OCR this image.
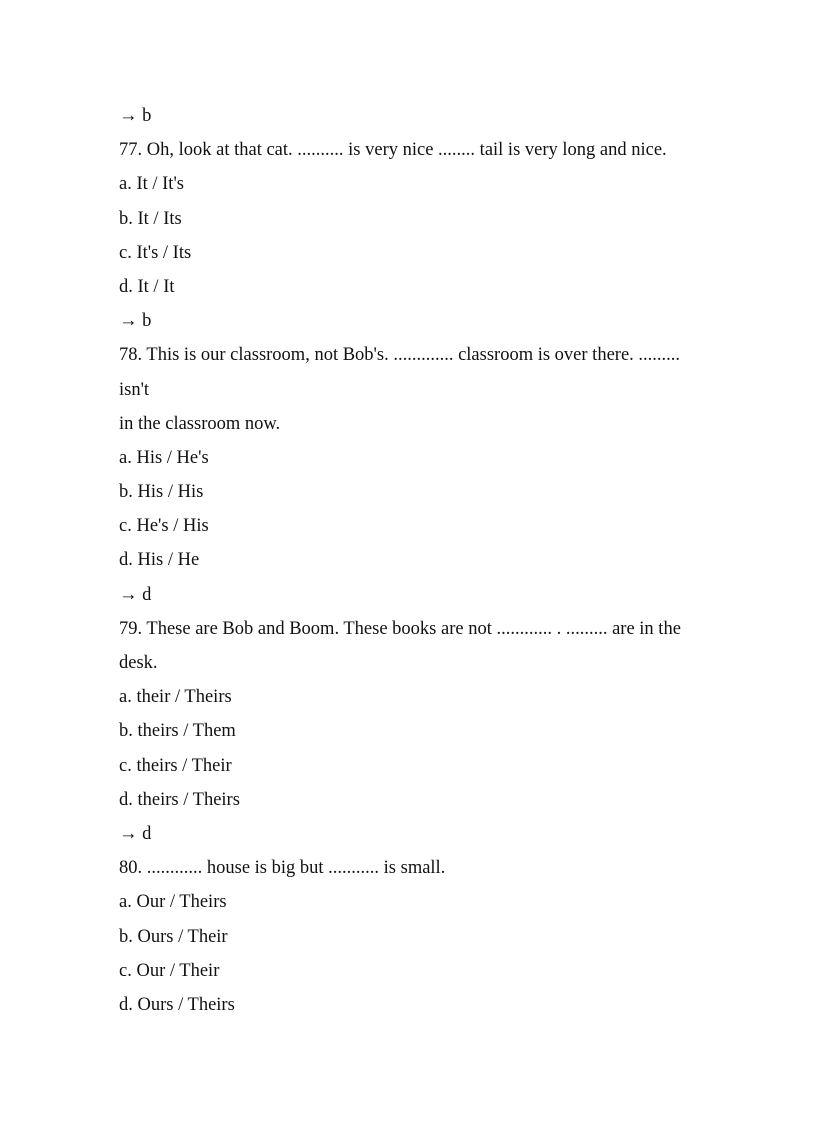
→ b
77. Oh, look at that cat. .......... is very nice ........ tail is very long and nice.
a. It / It's
b. It / Its
c. It's / Its
d. It / It
→ b
78. This is our classroom, not Bob's. ............. classroom is over there. .........
isn't
in the classroom now.
a. His / He's
b. His / His
c. He's / His
d. His / He
→ d
79. These are Bob and Boom. These books are not ............ . ......... are in the
desk.
a. their / Theirs
b. theirs / Them
c. theirs / Their
d. theirs / Theirs
→ d
80. ............ house is big but ........... is small.
a. Our / Theirs
b. Ours / Their
c. Our / Their
d. Ours / Theirs
